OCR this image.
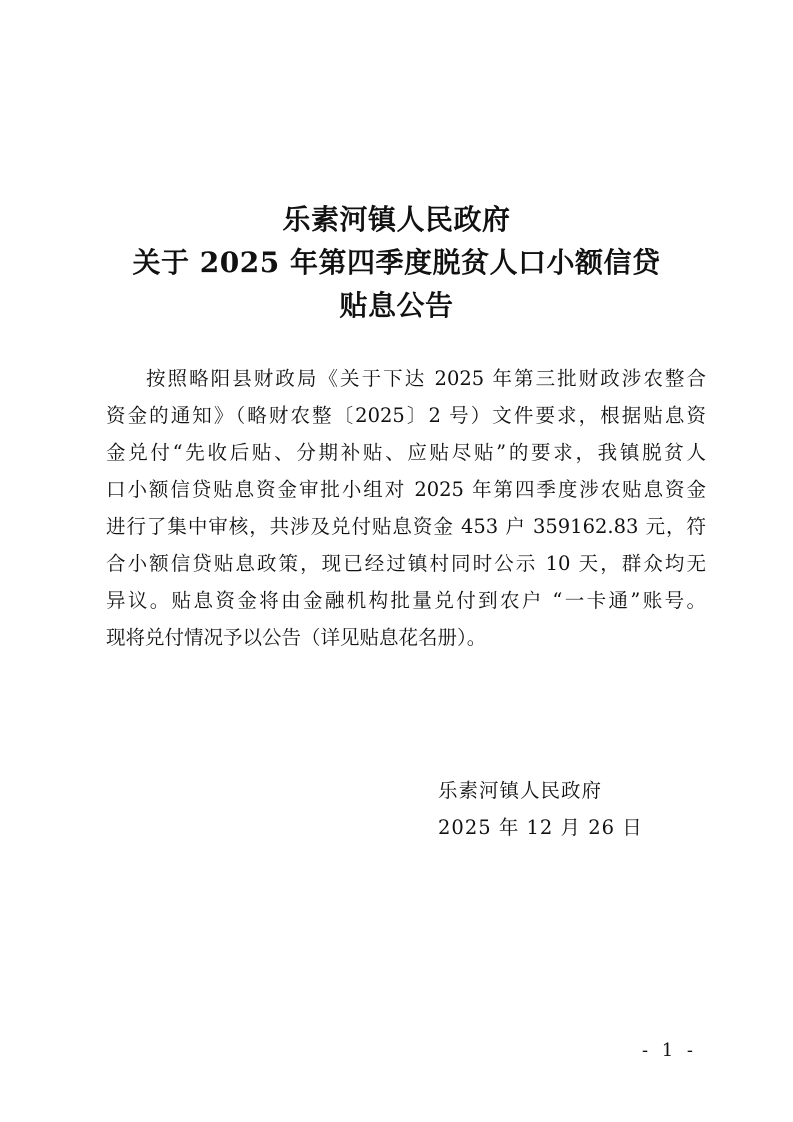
乐素河镇人民政府
关于 2025 年第四季度脱贫人口小额信贷
贴息公告
按照略阳县财政局《关于下达 2025 年第三批财政涉农整合
资金的通知》（略财农整〔2025〕2 号）文件要求，根据贴息资
金兑付“先收后贴、分期补贴、应贴尽贴”的要求，我镇脱贫人
口小额信贷贴息资金审批小组对 2025 年第四季度涉农贴息资金
进行了集中审核，共涉及兑付贴息资金 453 户 359162.83 元，符
合小额信贷贴息政策，现已经过镇村同时公示 10 天，群众均无
异议。贴息资金将由金融机构批量兑付到农户 “一卡通”账号。
现将兑付情况予以公告（详见贴息花名册）。
乐素河镇人民政府
2025 年 12 月 26 日
- 1 -
